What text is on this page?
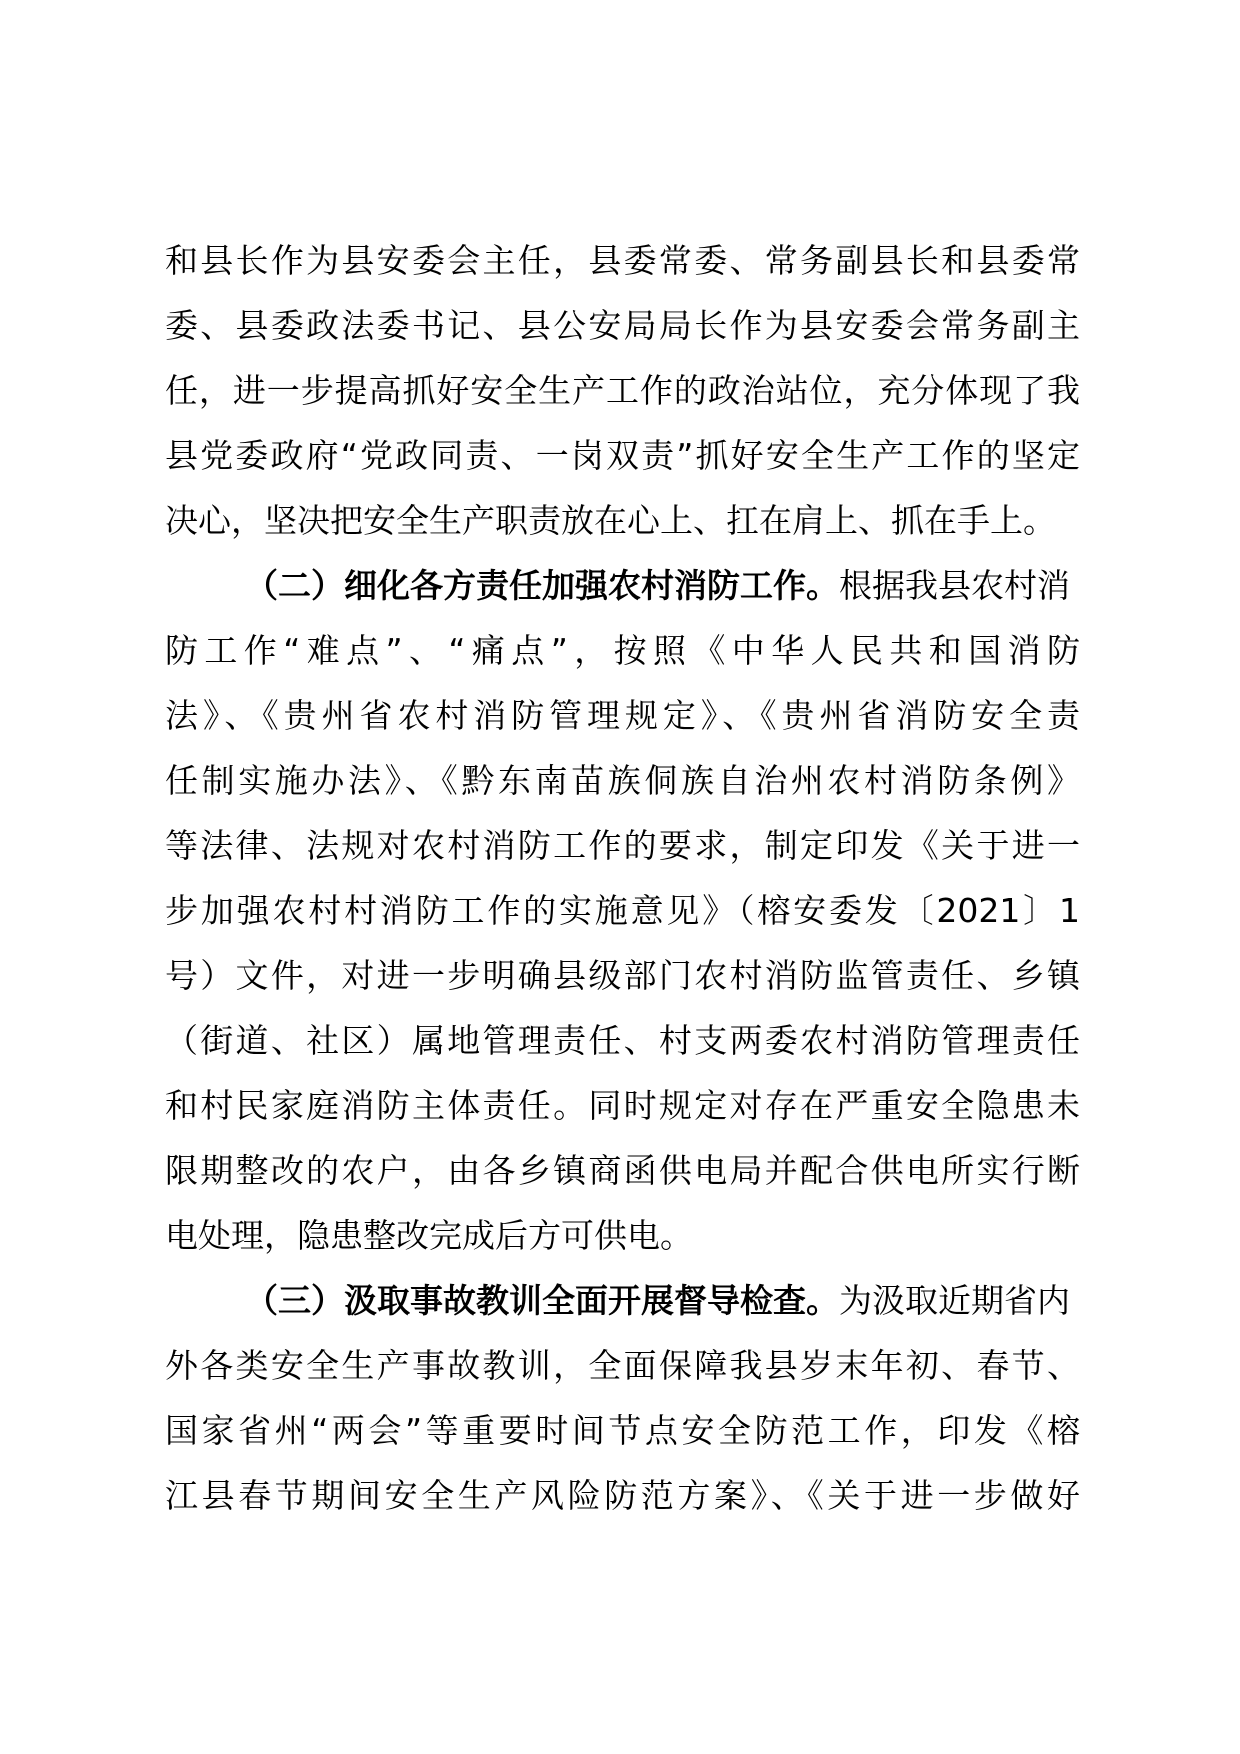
和县长作为县安委会主任，县委常委、常务副县长和县委常
委、县委政法委书记、县公安局局长作为县安委会常务副主
任，进一步提高抓好安全生产工作的政治站位，充分体现了我
县党委政府“党政同责、一岗双责”抓好安全生产工作的坚定
决心，坚决把安全生产职责放在心上、扛在肩上、抓在手上。
（二）细化各方责任加强农村消防工作。根据我县农村消
防工作“难点”、“痛点”，按照《中华人民共和国消防
法》、《贵州省农村消防管理规定》、《贵州省消防安全责
任制实施办法》、《黔东南苗族侗族自治州农村消防条例》
等法律、法规对农村消防工作的要求，制定印发《关于进一
步加强农村村消防工作的实施意见》（榕安委发〔2021〕1
号）文件，对进一步明确县级部门农村消防监管责任、乡镇
（街道、社区）属地管理责任、村支两委农村消防管理责任
和村民家庭消防主体责任。同时规定对存在严重安全隐患未
限期整改的农户，由各乡镇商函供电局并配合供电所实行断
电处理，隐患整改完成后方可供电。
（三）汲取事故教训全面开展督导检查。为汲取近期省内
外各类安全生产事故教训，全面保障我县岁末年初、春节、
国家省州“两会”等重要时间节点安全防范工作，印发《榕
江县春节期间安全生产风险防范方案》、《关于进一步做好
